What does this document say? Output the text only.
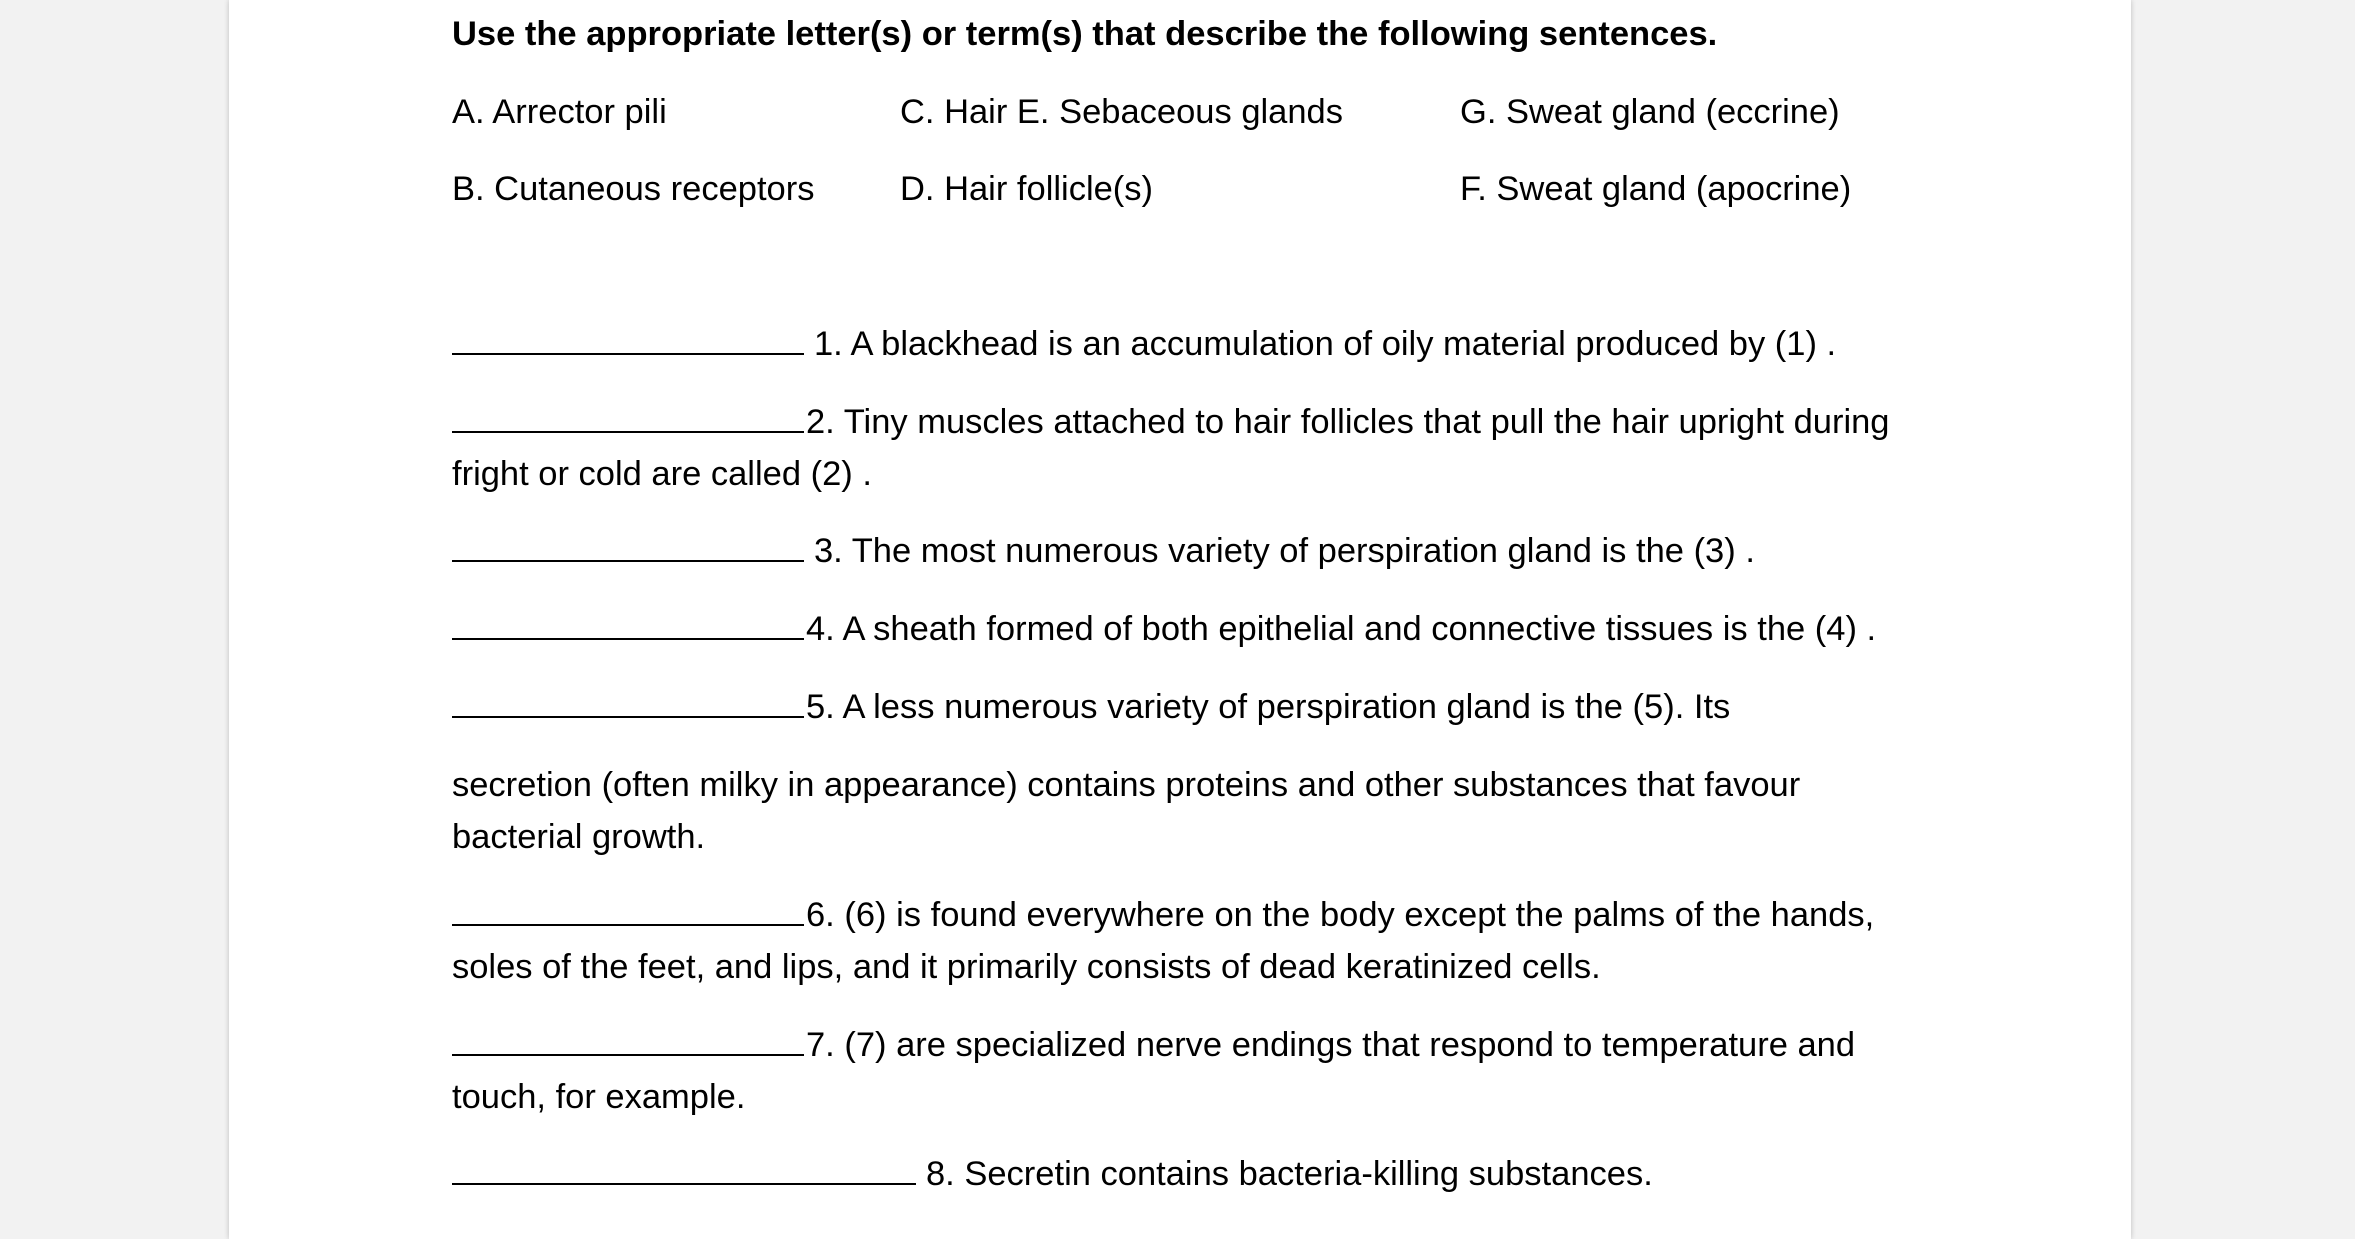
Use the appropriate letter(s) or term(s) that describe the following sentences.
A. Arrector pili	C. Hair E. Sebaceous glands	G. Sweat gland (eccrine)
B. Cutaneous receptors D. Hair follicle(s)	F. Sweat gland (apocrine)
1. A blackhead is an accumulation of oily material produced by (1) .
2. Tiny muscles attached to hair follicles that pull the hair upright during
fright or cold are called (2) .
3. The most numerous variety of perspiration gland is the (3) .
4. A sheath formed of both epithelial and connective tissues is the (4) .
5. A less numerous variety of perspiration gland is the (5). Its
secretion (often milky in appearance) contains proteins and other substances that favour
bacterial growth.
6. (6) is found everywhere on the body except the palms of the hands,
soles of the feet, and lips, and it primarily consists of dead keratinized cells.
7. (7) are specialized nerve endings that respond to temperature and
touch, for example.
8. Secretin contains bacteria-killing substances.
